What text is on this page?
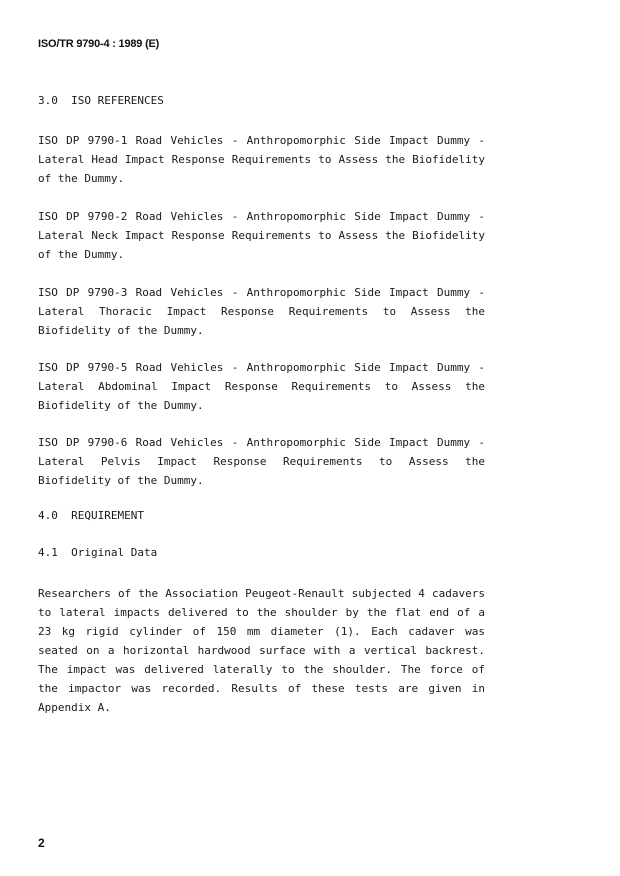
ISO/TR 9790-4 : 1989 (E)
3.0  ISO REFERENCES
ISO DP 9790-1 Road Vehicles - Anthropomorphic Side Impact Dummy - Lateral Head Impact Response Requirements to Assess the Biofidelity of the Dummy.
ISO DP 9790-2 Road Vehicles - Anthropomorphic Side Impact Dummy - Lateral Neck Impact Response Requirements to Assess the Biofidelity of the Dummy.
ISO DP 9790-3 Road Vehicles - Anthropomorphic Side Impact Dummy - Lateral Thoracic Impact Response Requirements to Assess the Biofidelity of the Dummy.
ISO DP 9790-5 Road Vehicles - Anthropomorphic Side Impact Dummy - Lateral Abdominal Impact Response Requirements to Assess the Biofidelity of the Dummy.
ISO DP 9790-6 Road Vehicles - Anthropomorphic Side Impact Dummy - Lateral Pelvis Impact Response Requirements to Assess the Biofidelity of the Dummy.
4.0  REQUIREMENT
4.1  Original Data
Researchers of the Association Peugeot-Renault subjected 4 cadavers to lateral impacts delivered to the shoulder by the flat end of a 23 kg rigid cylinder of 150 mm diameter (1). Each cadaver was seated on a horizontal hardwood surface with a vertical backrest. The impact was delivered laterally to the shoulder. The force of the impactor was recorded. Results of these tests are given in Appendix A.
2
